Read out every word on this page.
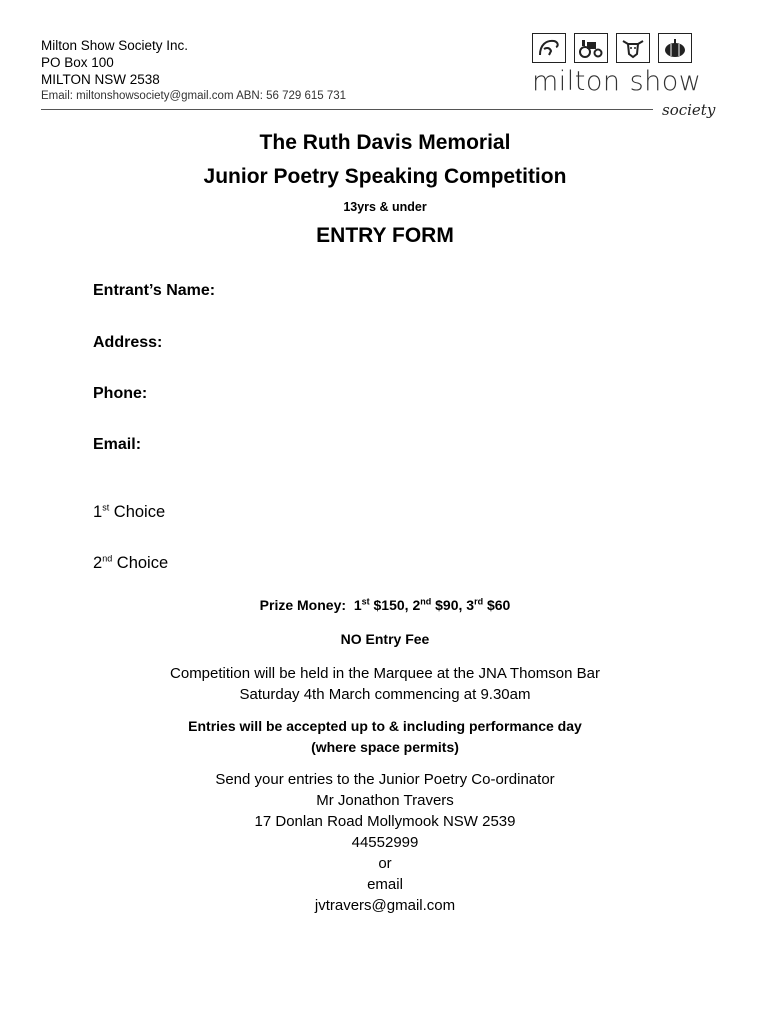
Milton Show Society Inc.
PO Box 100
MILTON NSW 2538
Email: miltonshowsociety@gmail.com ABN: 56 729 615 731	milton show
society
The Ruth Davis Memorial
Junior Poetry Speaking Competition
13yrs & under
ENTRY FORM
Entrant’s Name:
Address:
Phone:
Email:
1st Choice
2nd Choice
Prize Money:  1st $150, 2nd $90, 3rd $60
NO Entry Fee
Competition will be held in the Marquee at the JNA Thomson Bar
Saturday 4th March commencing at 9.30am
Entries will be accepted up to & including performance day
(where space permits)
Send your entries to the Junior Poetry Co-ordinator
Mr Jonathon Travers
17 Donlan Road Mollymook NSW 2539
44552999
or
email
jvtravers@gmail.com
